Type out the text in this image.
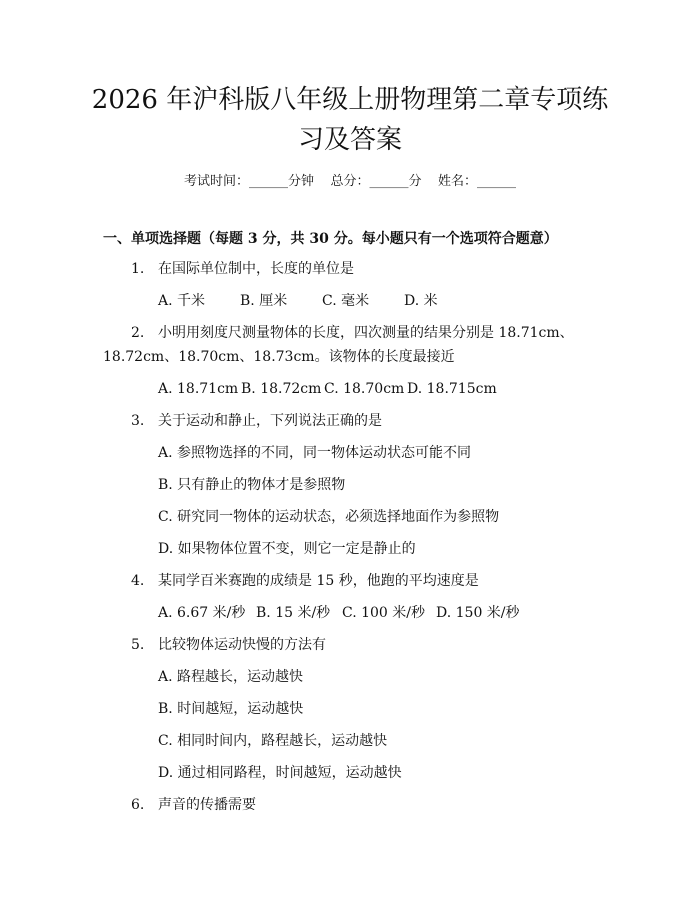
2026 年沪科版八年级上册物理第二章专项练
习及答案
考试时间：______分钟    总分：______分    姓名：______
一、单项选择题（每题 3 分，共 30 分。每小题只有一个选项符合题意）
1. 在国际单位制中，长度的单位是
A. 千米 B. 厘米 C. 毫米 D. 米
2. 小明用刻度尺测量物体的长度，四次测量的结果分别是 18.71cm、
18.72cm、18.70cm、18.73cm。该物体的长度最接近
A. 18.71cm B. 18.72cm C. 18.70cm D. 18.715cm
3. 关于运动和静止，下列说法正确的是
A. 参照物选择的不同，同一物体运动状态可能不同
B. 只有静止的物体才是参照物
C. 研究同一物体的运动状态，必须选择地面作为参照物
D. 如果物体位置不变，则它一定是静止的
4. 某同学百米赛跑的成绩是 15 秒，他跑的平均速度是
A. 6.67 米/秒 B. 15 米/秒 C. 100 米/秒 D. 150 米/秒
5. 比较物体运动快慢的方法有
A. 路程越长，运动越快
B. 时间越短，运动越快
C. 相同时间内，路程越长，运动越快
D. 通过相同路程，时间越短，运动越快
6. 声音的传播需要
